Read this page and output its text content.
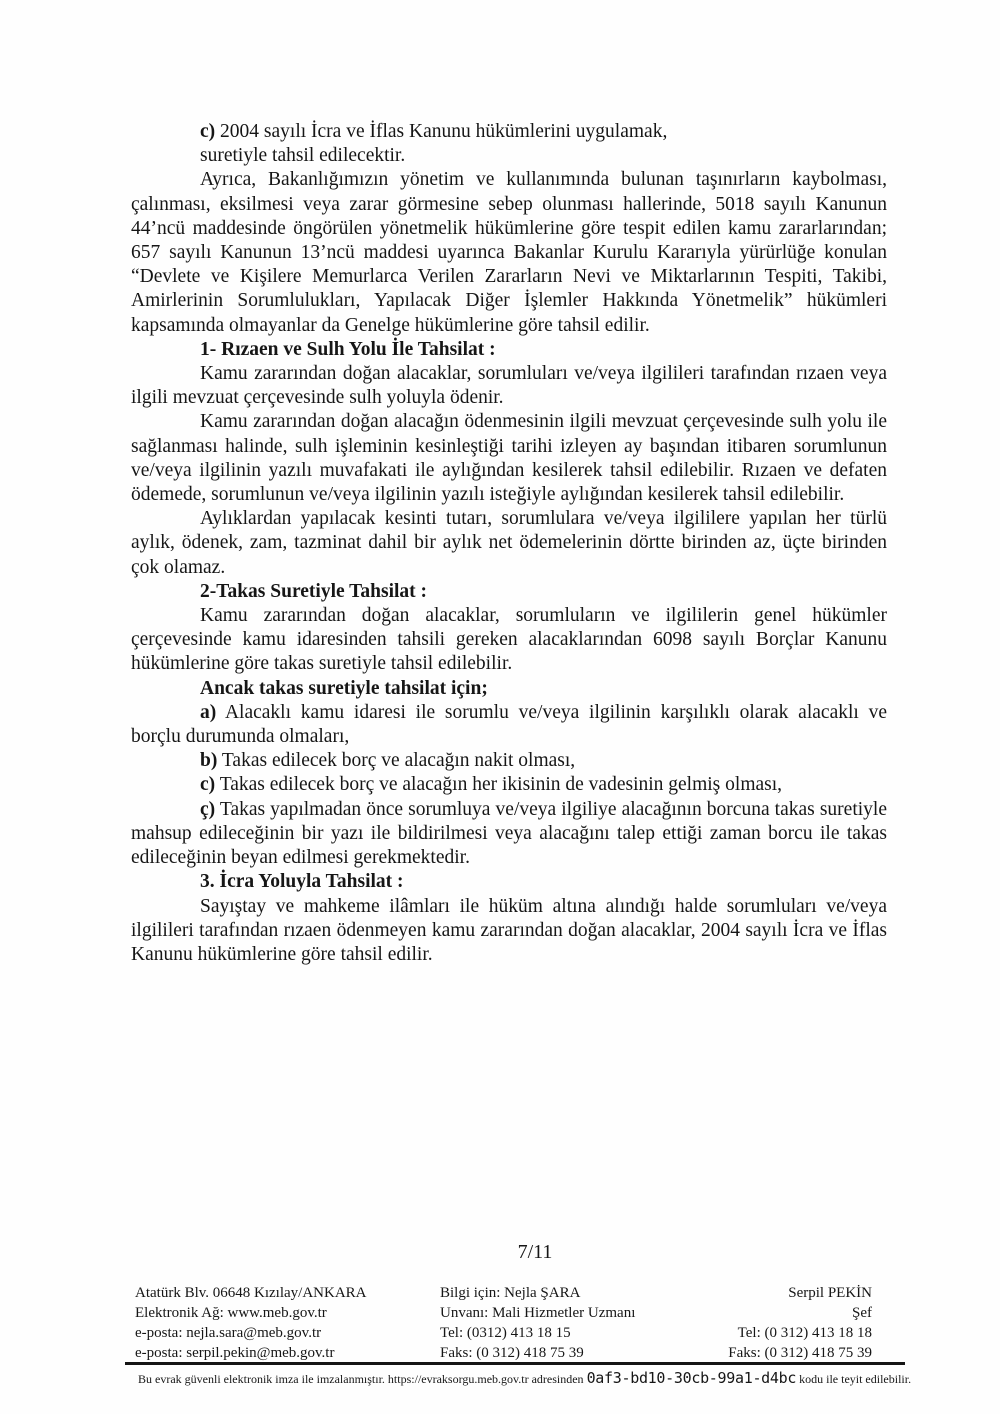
c) 2004 sayılı İcra ve İflas Kanunu hükümlerini uygulamak,

suretiyle tahsil edilecektir.

Ayrıca, Bakanlığımızın yönetim ve kullanımında bulunan taşınırların kaybolması, çalınması, eksilmesi veya zarar görmesine sebep olunması hallerinde, 5018 sayılı Kanunun 44’ncü maddesinde öngörülen yönetmelik hükümlerine göre tespit edilen kamu zararlarından; 657 sayılı Kanunun 13’ncü maddesi uyarınca Bakanlar Kurulu Kararıyla yürürlüğe konulan “Devlete ve Kişilere Memurlarca Verilen Zararların Nevi ve Miktarlarının Tespiti, Takibi, Amirlerinin Sorumlulukları, Yapılacak Diğer İşlemler Hakkında Yönetmelik” hükümleri kapsamında olmayanlar da Genelge hükümlerine göre tahsil edilir.

1- Rızaen ve Sulh Yolu İle Tahsilat :

Kamu zararından doğan alacaklar, sorumluları ve/veya ilgilileri tarafından rızaen veya ilgili mevzuat çerçevesinde sulh yoluyla ödenir.

Kamu zararından doğan alacağın ödenmesinin ilgili mevzuat çerçevesinde sulh yolu ile sağlanması halinde, sulh işleminin kesinleştiği tarihi izleyen ay başından itibaren sorumlunun ve/veya ilgilinin yazılı muvafakati ile aylığından kesilerek tahsil edilebilir. Rızaen ve defaten ödemede, sorumlunun ve/veya ilgilinin yazılı isteğiyle aylığından kesilerek tahsil edilebilir.

Aylıklardan yapılacak kesinti tutarı, sorumlulara ve/veya ilgililere yapılan her türlü aylık, ödenek, zam, tazminat dahil bir aylık net ödemelerinin dörtte birinden az, üçte birinden çok olamaz.

2-Takas Suretiyle Tahsilat :

Kamu zararından doğan alacaklar, sorumluların ve ilgililerin genel hükümler çerçevesinde kamu idaresinden tahsili gereken alacaklarından 6098 sayılı Borçlar Kanunu hükümlerine göre takas suretiyle tahsil edilebilir.

Ancak takas suretiyle tahsilat için;

a) Alacaklı kamu idaresi ile sorumlu ve/veya ilgilinin karşılıklı olarak alacaklı ve borçlu durumunda olmaları,

b) Takas edilecek borç ve alacağın nakit olması,

c) Takas edilecek borç ve alacağın her ikisinin de vadesinin gelmiş olması,

ç) Takas yapılmadan önce sorumluya ve/veya ilgiliye alacağının borcuna takas suretiyle mahsup edileceğinin bir yazı ile bildirilmesi veya alacağını talep ettiği zaman borcu ile takas edileceğinin beyan edilmesi gerekmektedir.

3. İcra Yoluyla Tahsilat :

Sayıştay ve mahkeme ilâmları ile hüküm altına alındığı halde sorumluları ve/veya ilgilileri tarafından rızaen ödenmeyen kamu zararından doğan alacaklar, 2004 sayılı İcra ve İflas Kanunu hükümlerine göre tahsil edilir.

7/11
Atatürk Blv. 06648 Kızılay/ANKARA
Elektronik Ağ: www.meb.gov.tr
e-posta: nejla.sara@meb.gov.tr
e-posta: serpil.pekin@meb.gov.tr
Bilgi için: Nejla ŞARA
Unvanı: Mali Hizmetler Uzmanı
Tel: (0312) 413 18 15
Faks: (0 312) 418 75 39
Serpil PEKİN
Şef
Tel: (0 312) 413 18 18
Faks: (0 312) 418 75 39
Bu evrak güvenli elektronik imza ile imzalanmıştır. https://evraksorgu.meb.gov.tr adresinden 0af3-bd10-30cb-99a1-d4bc kodu ile teyit edilebilir.
